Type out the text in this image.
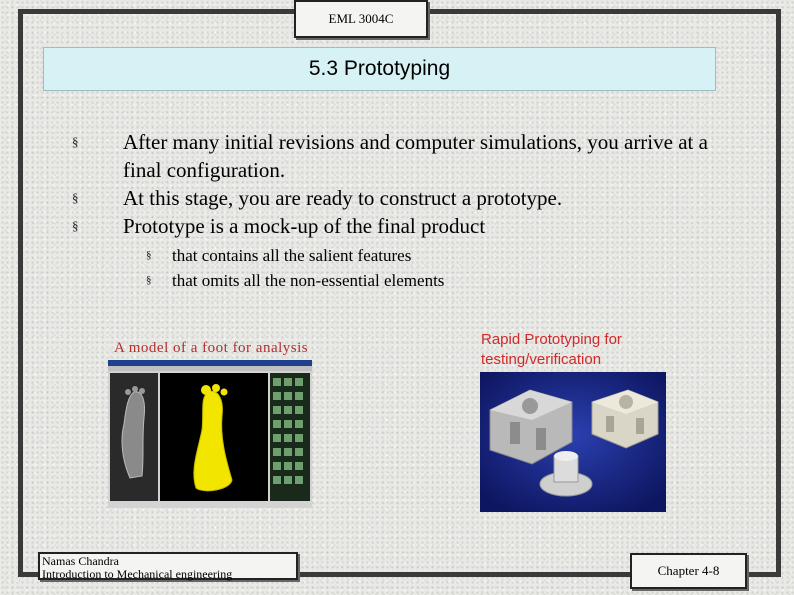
EML 3004C
5.3 Prototyping
§ After many initial revisions and computer simulations, you arrive at a final configuration.
§ At this stage, you are ready to construct a prototype.
§ Prototype is a mock-up of the final product
§ that contains all the salient features
§ that omits all the non-essential elements
A model of a foot for analysis	Rapid Prototyping for testing/verification
Namas Chandra
Introduction to Mechanical engineering	Chapter 4-8
